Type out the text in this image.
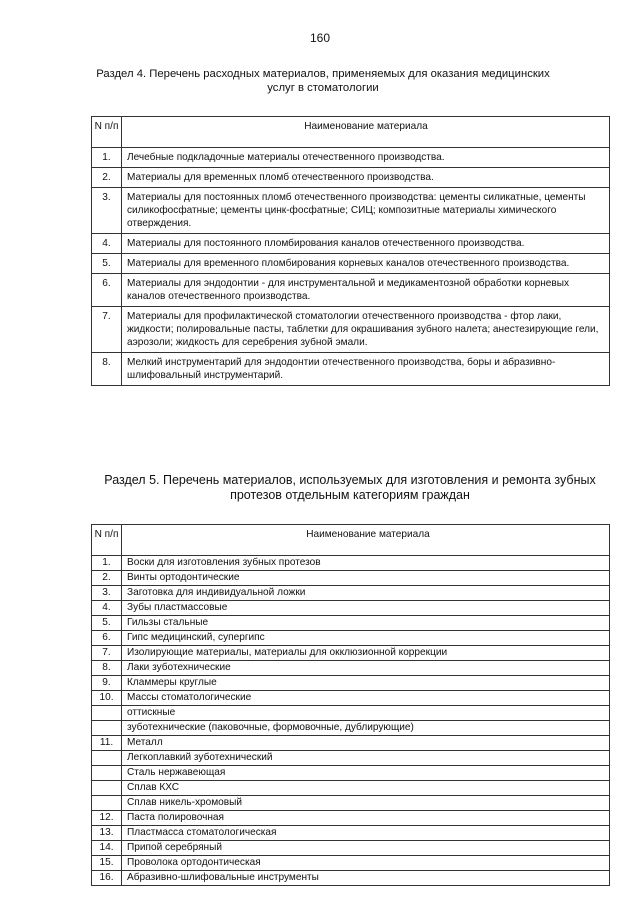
160
Раздел 4. Перечень расходных материалов, применяемых для оказания медицинских услуг в стоматологии
N п/п	Наименование материала
1.	Лечебные подкладочные материалы отечественного производства.
2.	Материалы для временных пломб отечественного производства.
3.	Материалы для постоянных пломб отечественного производства: цементы силикатные, цементы силикофосфатные; цементы цинк-фосфатные; СИЦ; композитные материалы химического отверждения.
4.	Материалы для постоянного пломбирования каналов отечественного производства.
5.	Материалы для временного пломбирования корневых каналов отечественного производства.
6.	Материалы для эндодонтии - для инструментальной и медикаментозной обработки корневых каналов отечественного производства.
7.	Материалы для профилактической стоматологии отечественного производства - фтор лаки, жидкости; полировальные пасты, таблетки для окрашивания зубного налета; анестезирующие гели, аэрозоли; жидкость для серебрения зубной эмали.
8.	Мелкий инструментарий для эндодонтии отечественного производства, боры и абразивно-шлифовальный инструментарий.
Раздел 5. Перечень материалов, используемых для изготовления и ремонта зубных протезов отдельным категориям граждан
N п/п	Наименование материала
1.	Воски для изготовления зубных протезов
2.	Винты ортодонтические
3.	Заготовка для индивидуальной ложки
4.	Зубы пластмассовые
5.	Гильзы стальные
6.	Гипс медицинский, супергипс
7.	Изолирующие материалы, материалы для окклюзионной коррекции
8.	Лаки зуботехнические
9.	Кламмеры круглые
10.	Массы стоматологические
	оттискные
	зуботехнические (паковочные, формовочные, дублирующие)
11.	Металл
	Легкоплавкий зуботехнический
	Сталь нержавеющая
	Сплав КХС
	Сплав никель-хромовый
12.	Паста полировочная
13.	Пластмасса стоматологическая
14.	Припой серебряный
15.	Проволока ортодонтическая
16.	Абразивно-шлифовальные инструменты
